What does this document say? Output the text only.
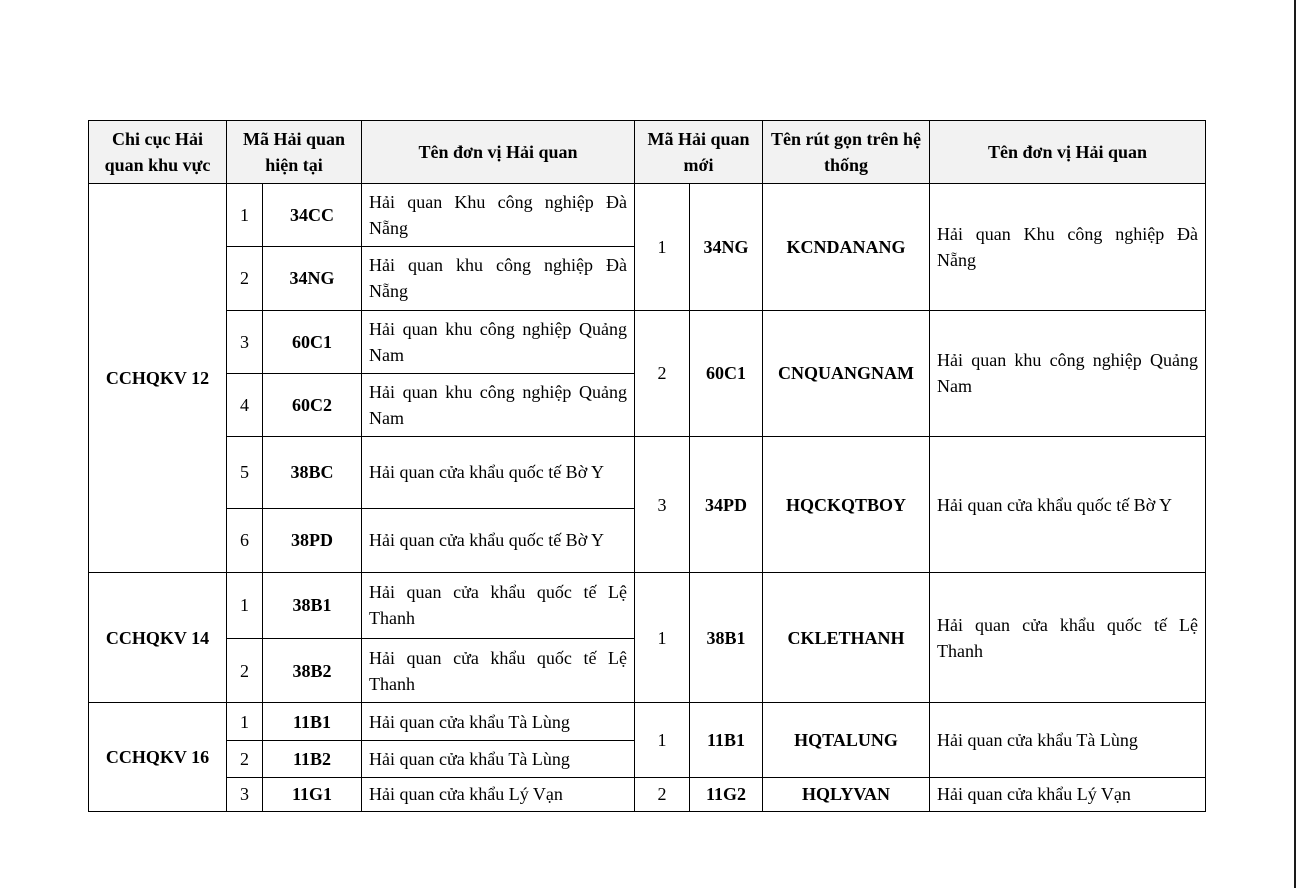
Chi cục Hải quan khu vực	Mã Hải quan hiện tại		Tên đơn vị Hải quan	Mã Hải quan mới		Tên rút gọn trên hệ thống	Tên đơn vị Hải quan
CCHQKV 12	1	34CC	Hải quan Khu công nghiệp Đà Nẵng	1	34NG	KCNDANANG	Hải quan Khu công nghiệp Đà Nẵng
	2	34NG	Hải quan khu công nghiệp Đà Nẵng				
	3	60C1	Hải quan khu công nghiệp Quảng Nam	2	60C1	CNQUANGNAM	Hải quan khu công nghiệp Quảng Nam
	4	60C2	Hải quan khu công nghiệp Quảng Nam				
	5	38BC	Hải quan cửa khẩu quốc tế Bờ Y	3	34PD	HQCKQTBOY	Hải quan cửa khẩu quốc tế Bờ Y
	6	38PD	Hải quan cửa khẩu quốc tế Bờ Y				
CCHQKV 14	1	38B1	Hải quan cửa khẩu quốc tế Lệ Thanh	1	38B1	CKLETHANH	Hải quan cửa khẩu quốc tế Lệ Thanh
	2	38B2	Hải quan cửa khẩu quốc tế Lệ Thanh				
CCHQKV 16	1	11B1	Hải quan cửa khẩu Tà Lùng	1	11B1	HQTALUNG	Hải quan cửa khẩu Tà Lùng
	2	11B2	Hải quan cửa khẩu Tà Lùng				
	3	11G1	Hải quan cửa khẩu Lý Vạn	2	11G2	HQLYVAN	Hải quan cửa khẩu Lý Vạn
